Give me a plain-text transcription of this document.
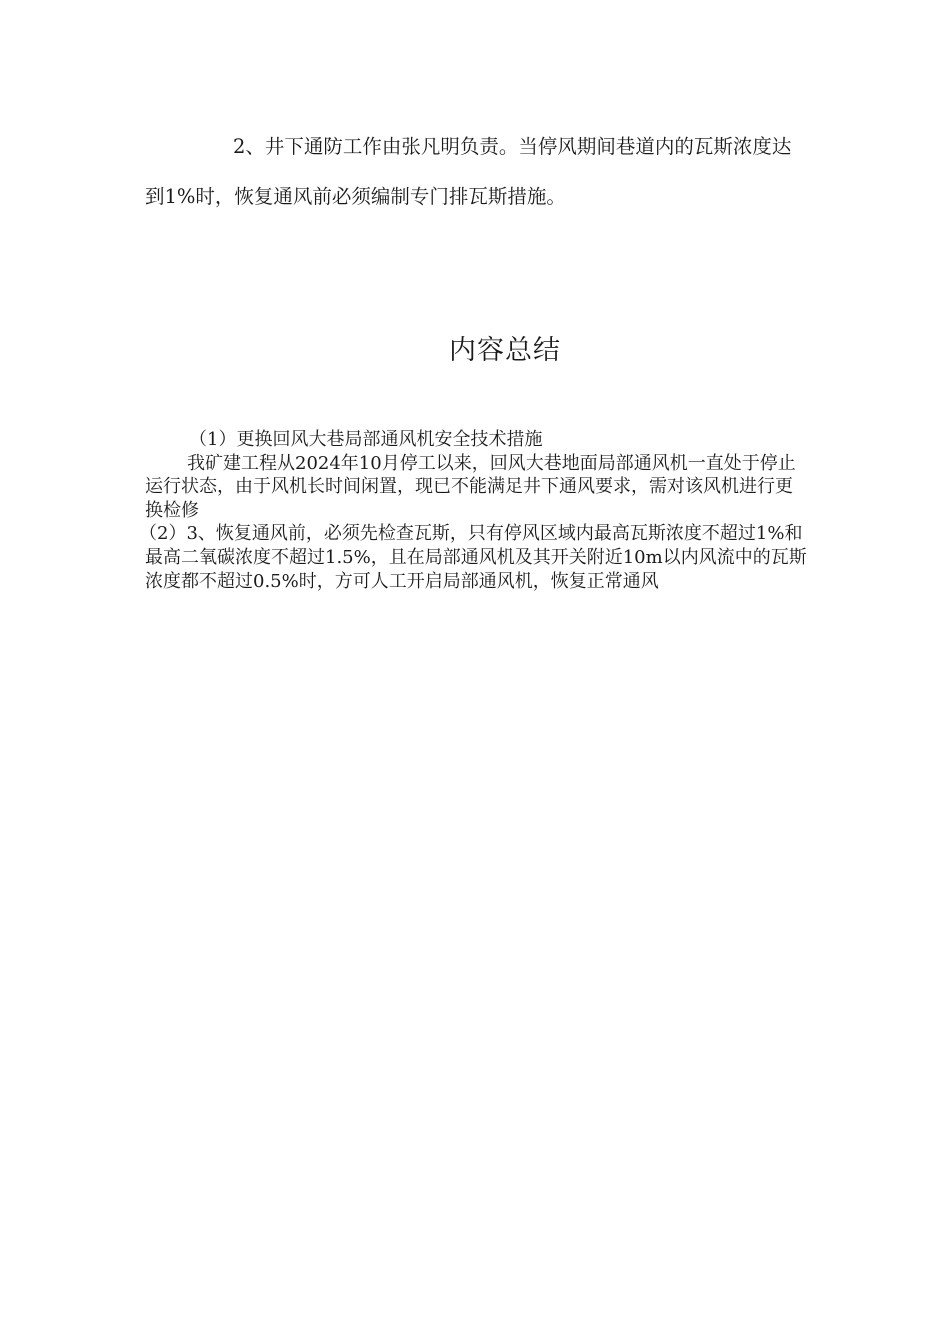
2、井下通防工作由张凡明负责。当停风期间巷道内的瓦斯浓度达到1%时，恢复通风前必须编制专门排瓦斯措施。

内容总结

（1）更换回风大巷局部通风机安全技术措施

我矿建工程从2024年10月停工以来，回风大巷地面局部通风机一直处于停止运行状态，由于风机长时间闲置，现已不能满足井下通风要求，需对该风机进行更换检修

（2）3、恢复通风前，必须先检查瓦斯，只有停风区域内最高瓦斯浓度不超过1%和最高二氧碳浓度不超过1.5%，且在局部通风机及其开关附近10m以内风流中的瓦斯浓度都不超过0.5%时，方可人工开启局部通风机，恢复正常通风
